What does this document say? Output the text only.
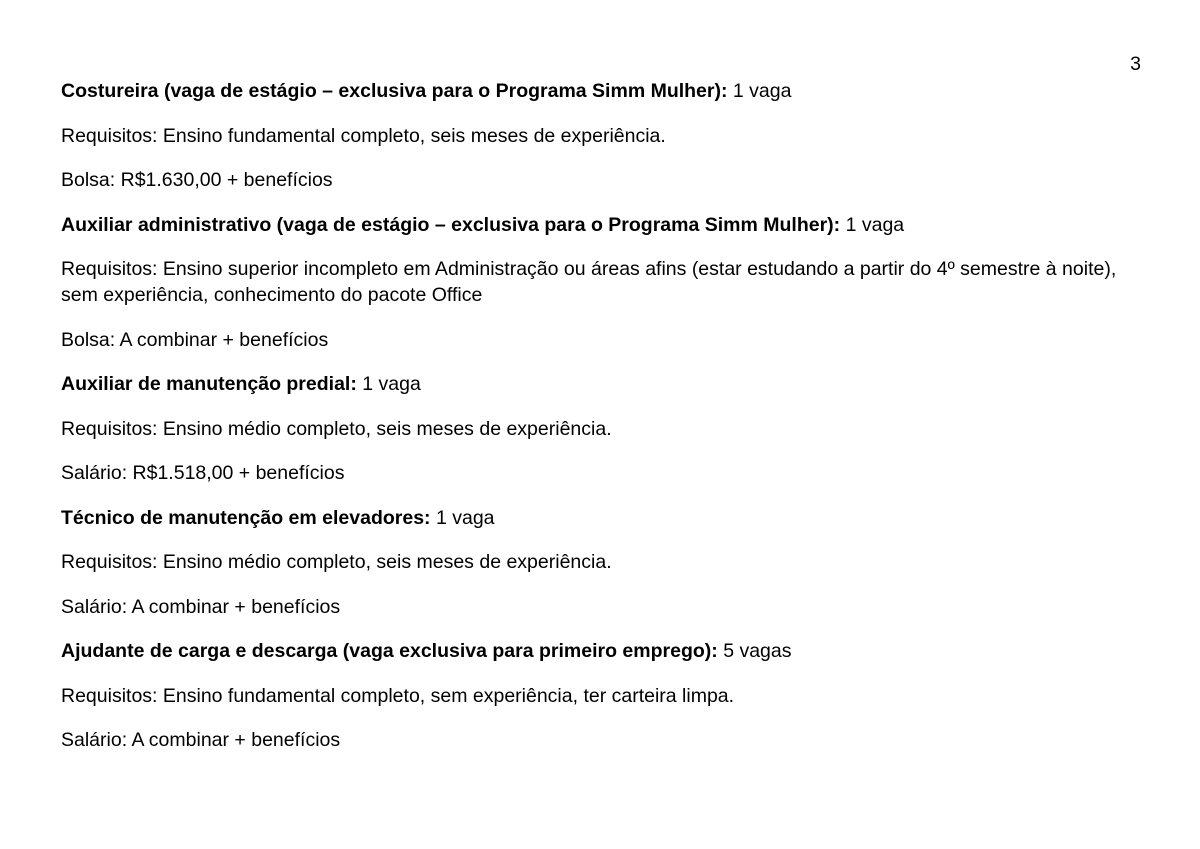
3

Costureira (vaga de estágio – exclusiva para o Programa Simm Mulher): 1 vaga

Requisitos: Ensino fundamental completo, seis meses de experiência.

Bolsa: R$1.630,00 + benefícios

Auxiliar administrativo (vaga de estágio – exclusiva para o Programa Simm Mulher): 1 vaga

Requisitos: Ensino superior incompleto em Administração ou áreas afins (estar estudando a partir do 4º semestre à noite), sem experiência, conhecimento do pacote Office

Bolsa: A combinar + benefícios

Auxiliar de manutenção predial: 1 vaga

Requisitos: Ensino médio completo, seis meses de experiência.

Salário: R$1.518,00 + benefícios

Técnico de manutenção em elevadores: 1 vaga

Requisitos: Ensino médio completo, seis meses de experiência.

Salário: A combinar + benefícios

Ajudante de carga e descarga (vaga exclusiva para primeiro emprego): 5 vagas

Requisitos: Ensino fundamental completo, sem experiência, ter carteira limpa.

Salário: A combinar + benefícios
